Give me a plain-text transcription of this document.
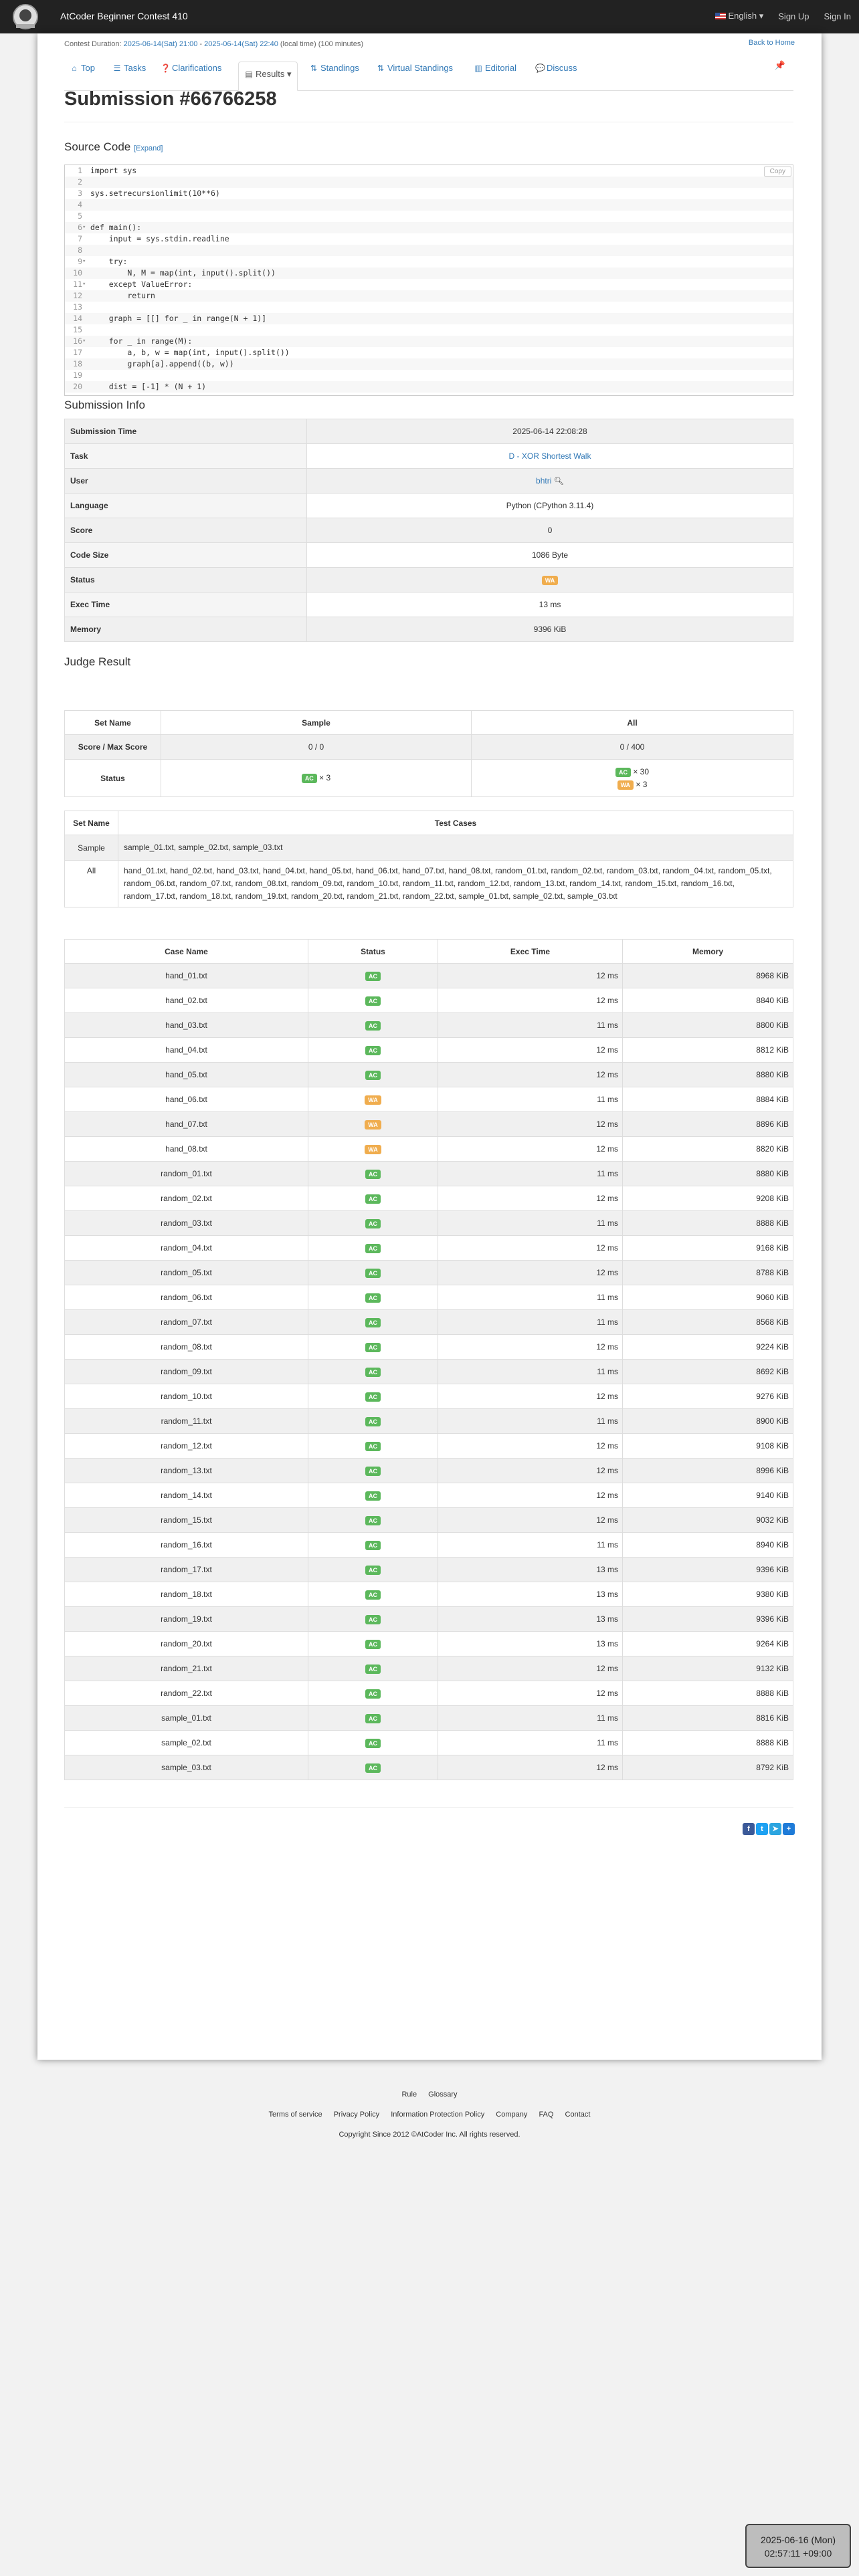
AtCoder Beginner Contest 410	English ▾ Sign Up Sign In
Contest Duration: 2025-06-14(Sat) 21:00 - 2025-06-14(Sat) 22:40 (local time) (100 minutes)	Back to Home
⌂ Top ☰ Tasks ❓ Clarifications
▤ Results ▾
⇅ Standings ⇅ Virtual Standings	▥ Editorial 💬 Discuss	📌
Submission #66766258
Source Code [Expand]
Copy
1 import sys
2
3 sys.setrecursionlimit(10**6)
4
5
6 ▾ def main():
7 input = sys.stdin.readline
8
9 ▾ try:
10 N, M = map(int, input().split())
11 ▾ except ValueError:
12 return
13
14 graph = [[] for _ in range(N + 1)]
15
16 ▾ for _ in range(M):
17 a, b, w = map(int, input().split())
18 graph[a].append((b, w))
19
20 dist = [-1] * (N + 1)
Submission Info
Submission Time	2025-06-14 22:08:28
Task	D - XOR Shortest Walk
User	bhtri 🔍︎
Language	Python (CPython 3.11.4)
Score	0
Code Size	1086 Byte
Status	WA
Exec Time	13 ms
Memory	9396 KiB
Judge Result
Set Name	Sample	All
Score / Max Score	0 / 0	0 / 400
Status	AC × 3	AC × 30
WA × 3
Set Name	Test Cases
Sample	sample_01.txt, sample_02.txt, sample_03.txt
All	hand_01.txt, hand_02.txt, hand_03.txt, hand_04.txt, hand_05.txt, hand_06.txt, hand_07.txt, hand_08.txt, random_01.txt, random_02.txt, random_03.txt, random_04.txt, random_05.txt, random_06.txt, random_07.txt, random_08.txt, random_09.txt, random_10.txt, random_11.txt, random_12.txt, random_13.txt, random_14.txt, random_15.txt, random_16.txt, random_17.txt, random_18.txt, random_19.txt, random_20.txt, random_21.txt, random_22.txt, sample_01.txt, sample_02.txt, sample_03.txt
Case Name	Status	Exec Time	Memory
hand_01.txt	AC	12 ms	8968 KiB
hand_02.txt	AC	12 ms	8840 KiB
hand_03.txt	AC	11 ms	8800 KiB
hand_04.txt	AC	12 ms	8812 KiB
hand_05.txt	AC	12 ms	8880 KiB
hand_06.txt	WA	11 ms	8884 KiB
hand_07.txt	WA	12 ms	8896 KiB
hand_08.txt	WA	12 ms	8820 KiB
random_01.txt	AC	11 ms	8880 KiB
random_02.txt	AC	12 ms	9208 KiB
random_03.txt	AC	11 ms	8888 KiB
random_04.txt	AC	12 ms	9168 KiB
random_05.txt	AC	12 ms	8788 KiB
random_06.txt	AC	11 ms	9060 KiB
random_07.txt	AC	11 ms	8568 KiB
random_08.txt	AC	12 ms	9224 KiB
random_09.txt	AC	11 ms	8692 KiB
random_10.txt	AC	12 ms	9276 KiB
random_11.txt	AC	11 ms	8900 KiB
random_12.txt	AC	12 ms	9108 KiB
random_13.txt	AC	12 ms	8996 KiB
random_14.txt	AC	12 ms	9140 KiB
random_15.txt	AC	12 ms	9032 KiB
random_16.txt	AC	11 ms	8940 KiB
random_17.txt	AC	13 ms	9396 KiB
random_18.txt	AC	13 ms	9380 KiB
random_19.txt	AC	13 ms	9396 KiB
random_20.txt	AC	13 ms	9264 KiB
random_21.txt	AC	12 ms	9132 KiB
random_22.txt	AC	12 ms	8888 KiB
sample_01.txt	AC	11 ms	8816 KiB
sample_02.txt	AC	11 ms	8888 KiB
sample_03.txt	AC	12 ms	8792 KiB
f	t	➤	+
Rule Glossary
Terms of service Privacy Policy Information Protection Policy Company FAQ Contact
Copyright Since 2012 ©AtCoder Inc. All rights reserved.
2025-06-16 (Mon)
02:57:11 +09:00
